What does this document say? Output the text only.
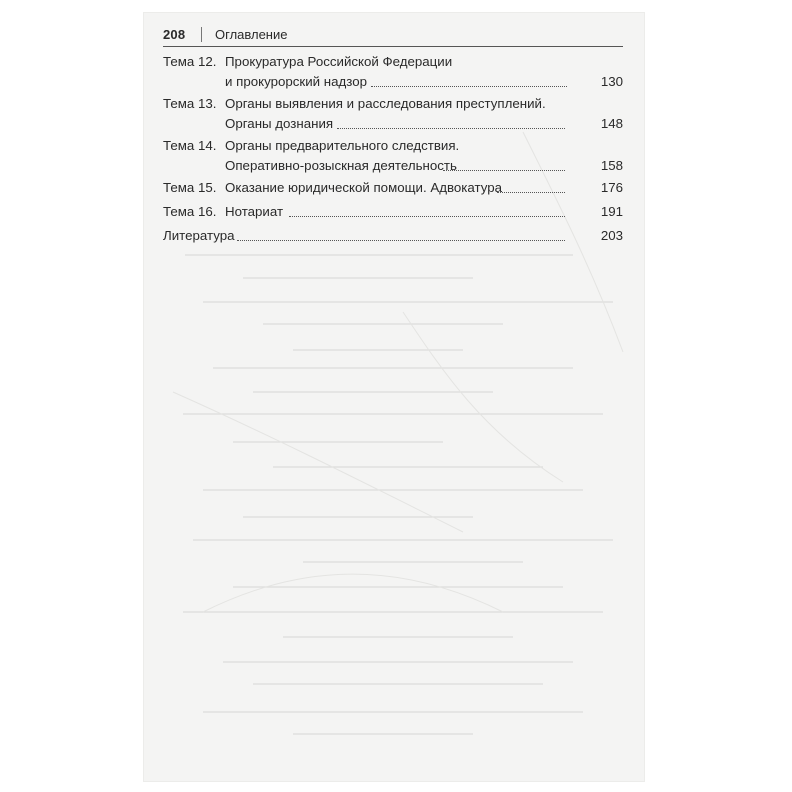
208 Оглавление
Тема 12. Прокуратура Российской Федерации
и прокурорский надзор	130
Тема 13. Органы выявления и расследования преступлений.
Органы дознания	148
Тема 14. Органы предварительного следствия.
Оперативно-розыскная деятельность	158
Тема 15. Оказание юридической помощи. Адвокатура	176
Тема 16. Нотариат	191
Литература	203
